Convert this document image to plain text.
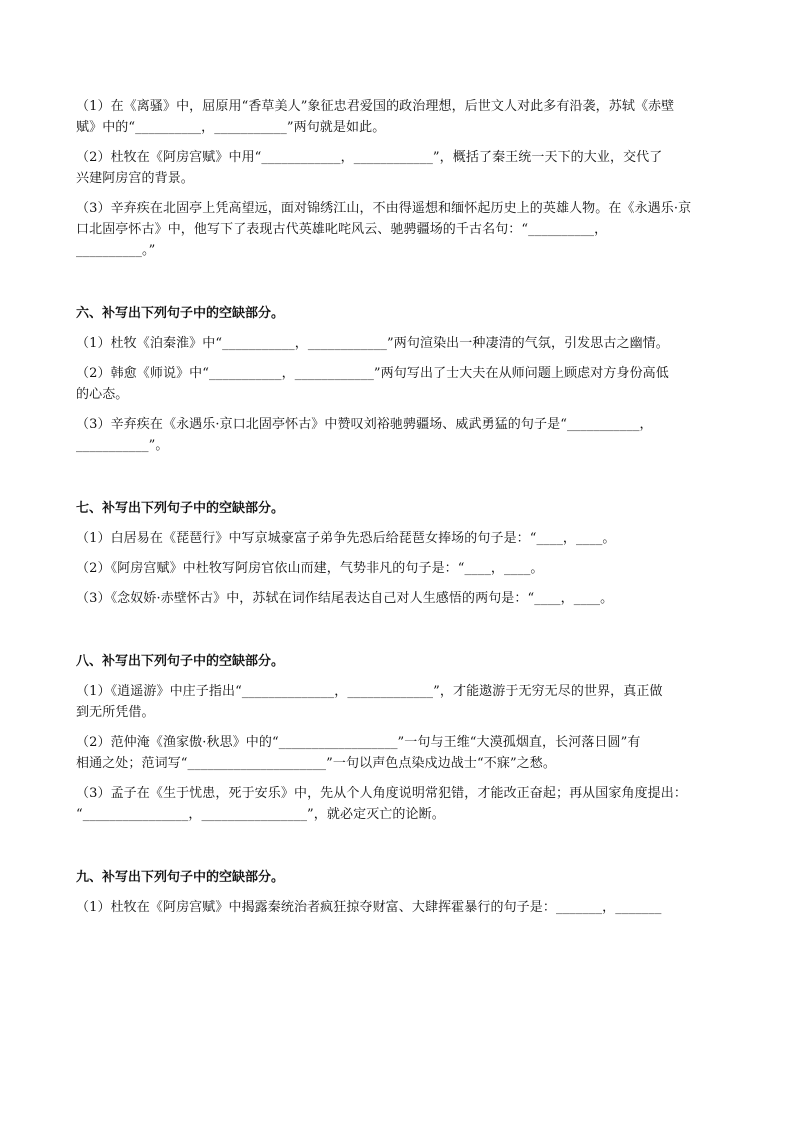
（1）在《离骚》中，屈原用“香草美人”象征忠君爱国的政治理想，后世文人对此多有沿袭，苏轼《赤壁

赋》中的“__________，___________”两句就是如此。

（2）杜牧在《阿房宫赋》中用“____________，____________”，概括了秦王统一天下的大业，交代了

兴建阿房宫的背景。

（3）辛弃疾在北固亭上凭高望远，面对锦绣江山，不由得遥想和缅怀起历史上的英雄人物。在《永遇乐·京

口北固亭怀古》中，他写下了表现古代英雄叱咤风云、驰骋疆场的千古名句：“__________，

__________。”

六、补写出下列句子中的空缺部分。

（1）杜牧《泊秦淮》中“___________，____________”两句渲染出一种凄清的气氛，引发思古之幽情。

（2）韩愈《师说》中“___________，____________”两句写出了士大夫在从师问题上顾虑对方身份高低

的心态。

（3）辛弃疾在《永遇乐·京口北固亭怀古》中赞叹刘裕驰骋疆场、威武勇猛的句子是“___________，

___________”。

七、补写出下列句子中的空缺部分。

（1）白居易在《琵琶行》中写京城豪富子弟争先恐后给琵琶女捧场的句子是：“____，____。

（2）《阿房宫赋》中杜牧写阿房官依山而建，气势非凡的句子是：“____，____。

（3）《念奴娇·赤壁怀古》中，苏轼在词作结尾表达自己对人生感悟的两句是：“____，____。

八、补写出下列句子中的空缺部分。

（1）《逍遥游》中庄子指出“______________，_____________”，才能遨游于无穷无尽的世界，真正做

到无所凭借。

（2）范仲淹《渔家傲·秋思》中的“__________________”一句与王维“大漠孤烟直，长河落日圆”有

相通之处；范词写“_____________________”一句以声色点染戍边战士“不寐”之愁。

（3）孟子在《生于忧患，死于安乐》中，先从个人角度说明常犯错，才能改正奋起；再从国家角度提出：

“________________，________________”，就必定灭亡的论断。

九、补写出下列句子中的空缺部分。

（1）杜牧在《阿房宫赋》中揭露秦统治者疯狂掠夺财富、大肆挥霍暴行的句子是：_______，_______
